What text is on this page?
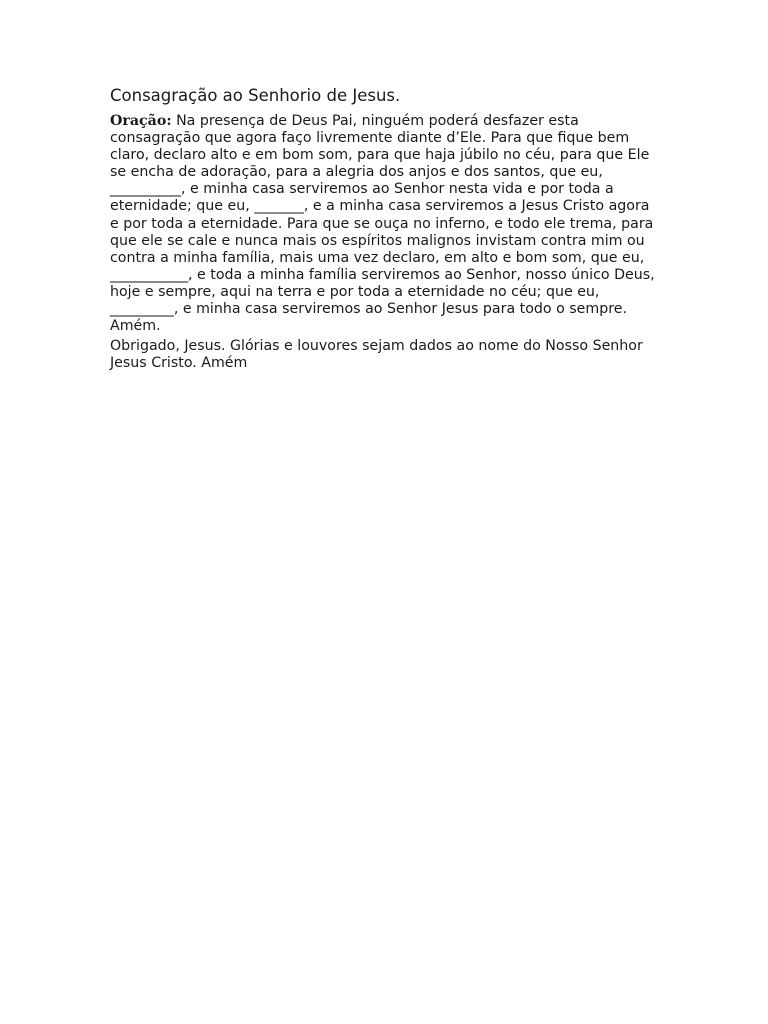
Consagração ao Senhorio de Jesus.

Oração: Na presença de Deus Pai, ninguém poderá desfazer esta consagração que agora faço livremente diante d’Ele. Para que fique bem claro, declaro alto e em bom som, para que haja júbilo no céu, para que Ele se encha de adoração, para a alegria dos anjos e dos santos, que eu, __________, e minha casa serviremos ao Senhor nesta vida e por toda a eternidade; que eu, _______, e a minha casa serviremos a Jesus Cristo agora e por toda a eternidade. Para que se ouça no inferno, e todo ele trema, para que ele se cale e nunca mais os espíritos malignos invistam contra mim ou contra a minha família, mais uma vez declaro, em alto e bom som, que eu, ___________, e toda a minha família serviremos ao Senhor, nosso único Deus, hoje e sempre, aqui na terra e por toda a eternidade no céu; que eu, _________, e minha casa serviremos ao Senhor Jesus para todo o sempre. Amém.

Obrigado, Jesus. Glórias e louvores sejam dados ao nome do Nosso Senhor Jesus Cristo. Amém
